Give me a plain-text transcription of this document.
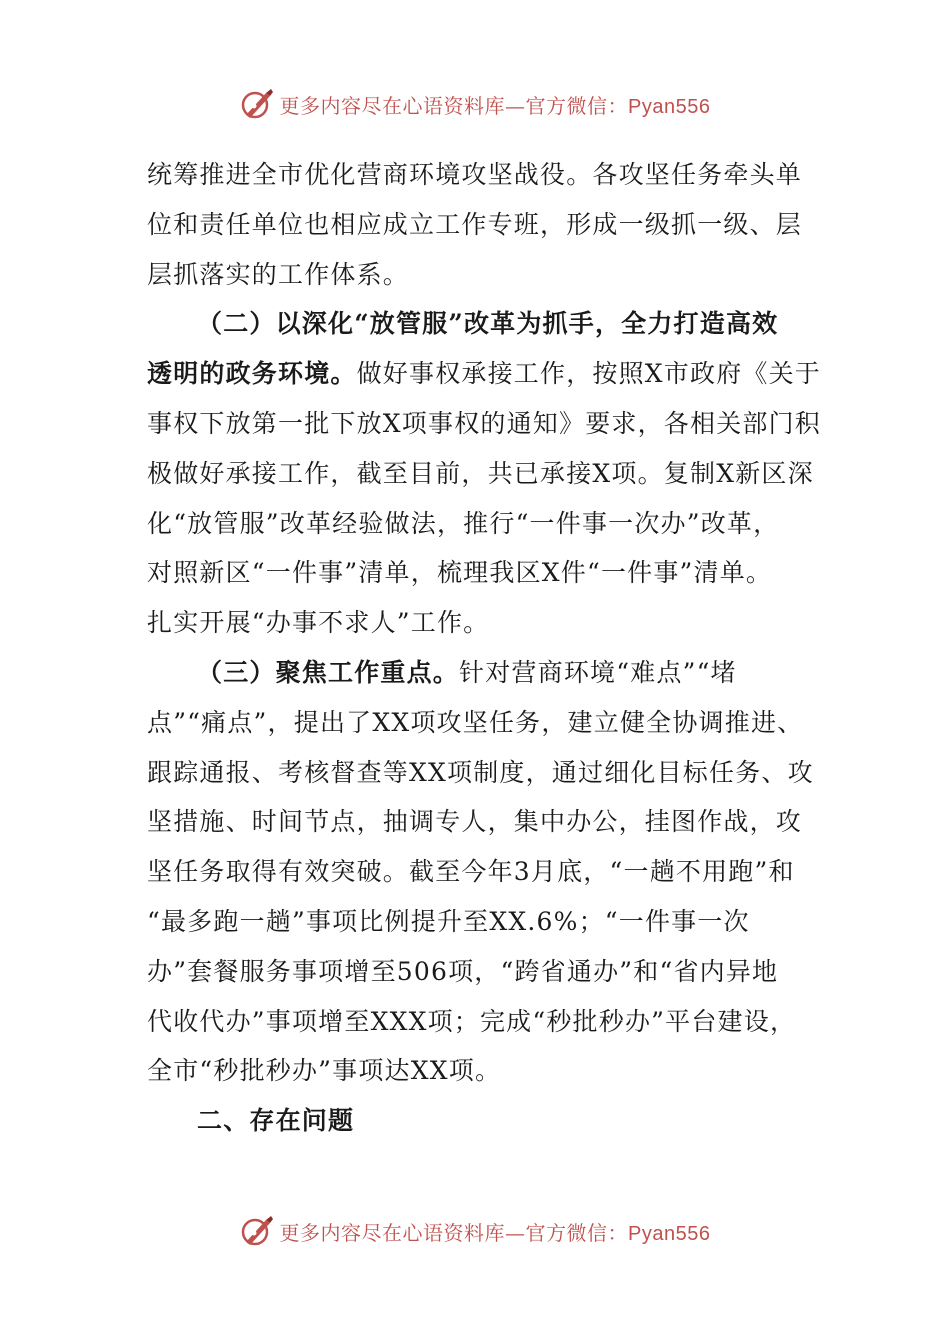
更多内容尽在心语资料库—官方微信：Pyan556
统筹推进全市优化营商环境攻坚战役。各攻坚任务牵头单
位和责任单位也相应成立工作专班，形成一级抓一级、层
层抓落实的工作体系。
（二）以深化“放管服”改革为抓手，全力打造高效
透明的政务环境。做好事权承接工作，按照X市政府《关于
事权下放第一批下放X项事权的通知》要求，各相关部门积
极做好承接工作，截至目前，共已承接X项。复制X新区深
化“放管服”改革经验做法，推行“一件事一次办”改革，
对照新区“一件事”清单，梳理我区X件“一件事”清单。
扎实开展“办事不求人”工作。
（三）聚焦工作重点。针对营商环境“难点”“堵
点”“痛点”，提出了XX项攻坚任务，建立健全协调推进、
跟踪通报、考核督查等XX项制度，通过细化目标任务、攻
坚措施、时间节点，抽调专人，集中办公，挂图作战，攻
坚任务取得有效突破。截至今年3月底，“一趟不用跑”和
“最多跑一趟”事项比例提升至XX.6%；“一件事一次
办”套餐服务事项增至506项，“跨省通办”和“省内异地
代收代办”事项增至XXX项；完成“秒批秒办”平台建设，
全市“秒批秒办”事项达XX项。
二、存在问题
更多内容尽在心语资料库—官方微信：Pyan556
